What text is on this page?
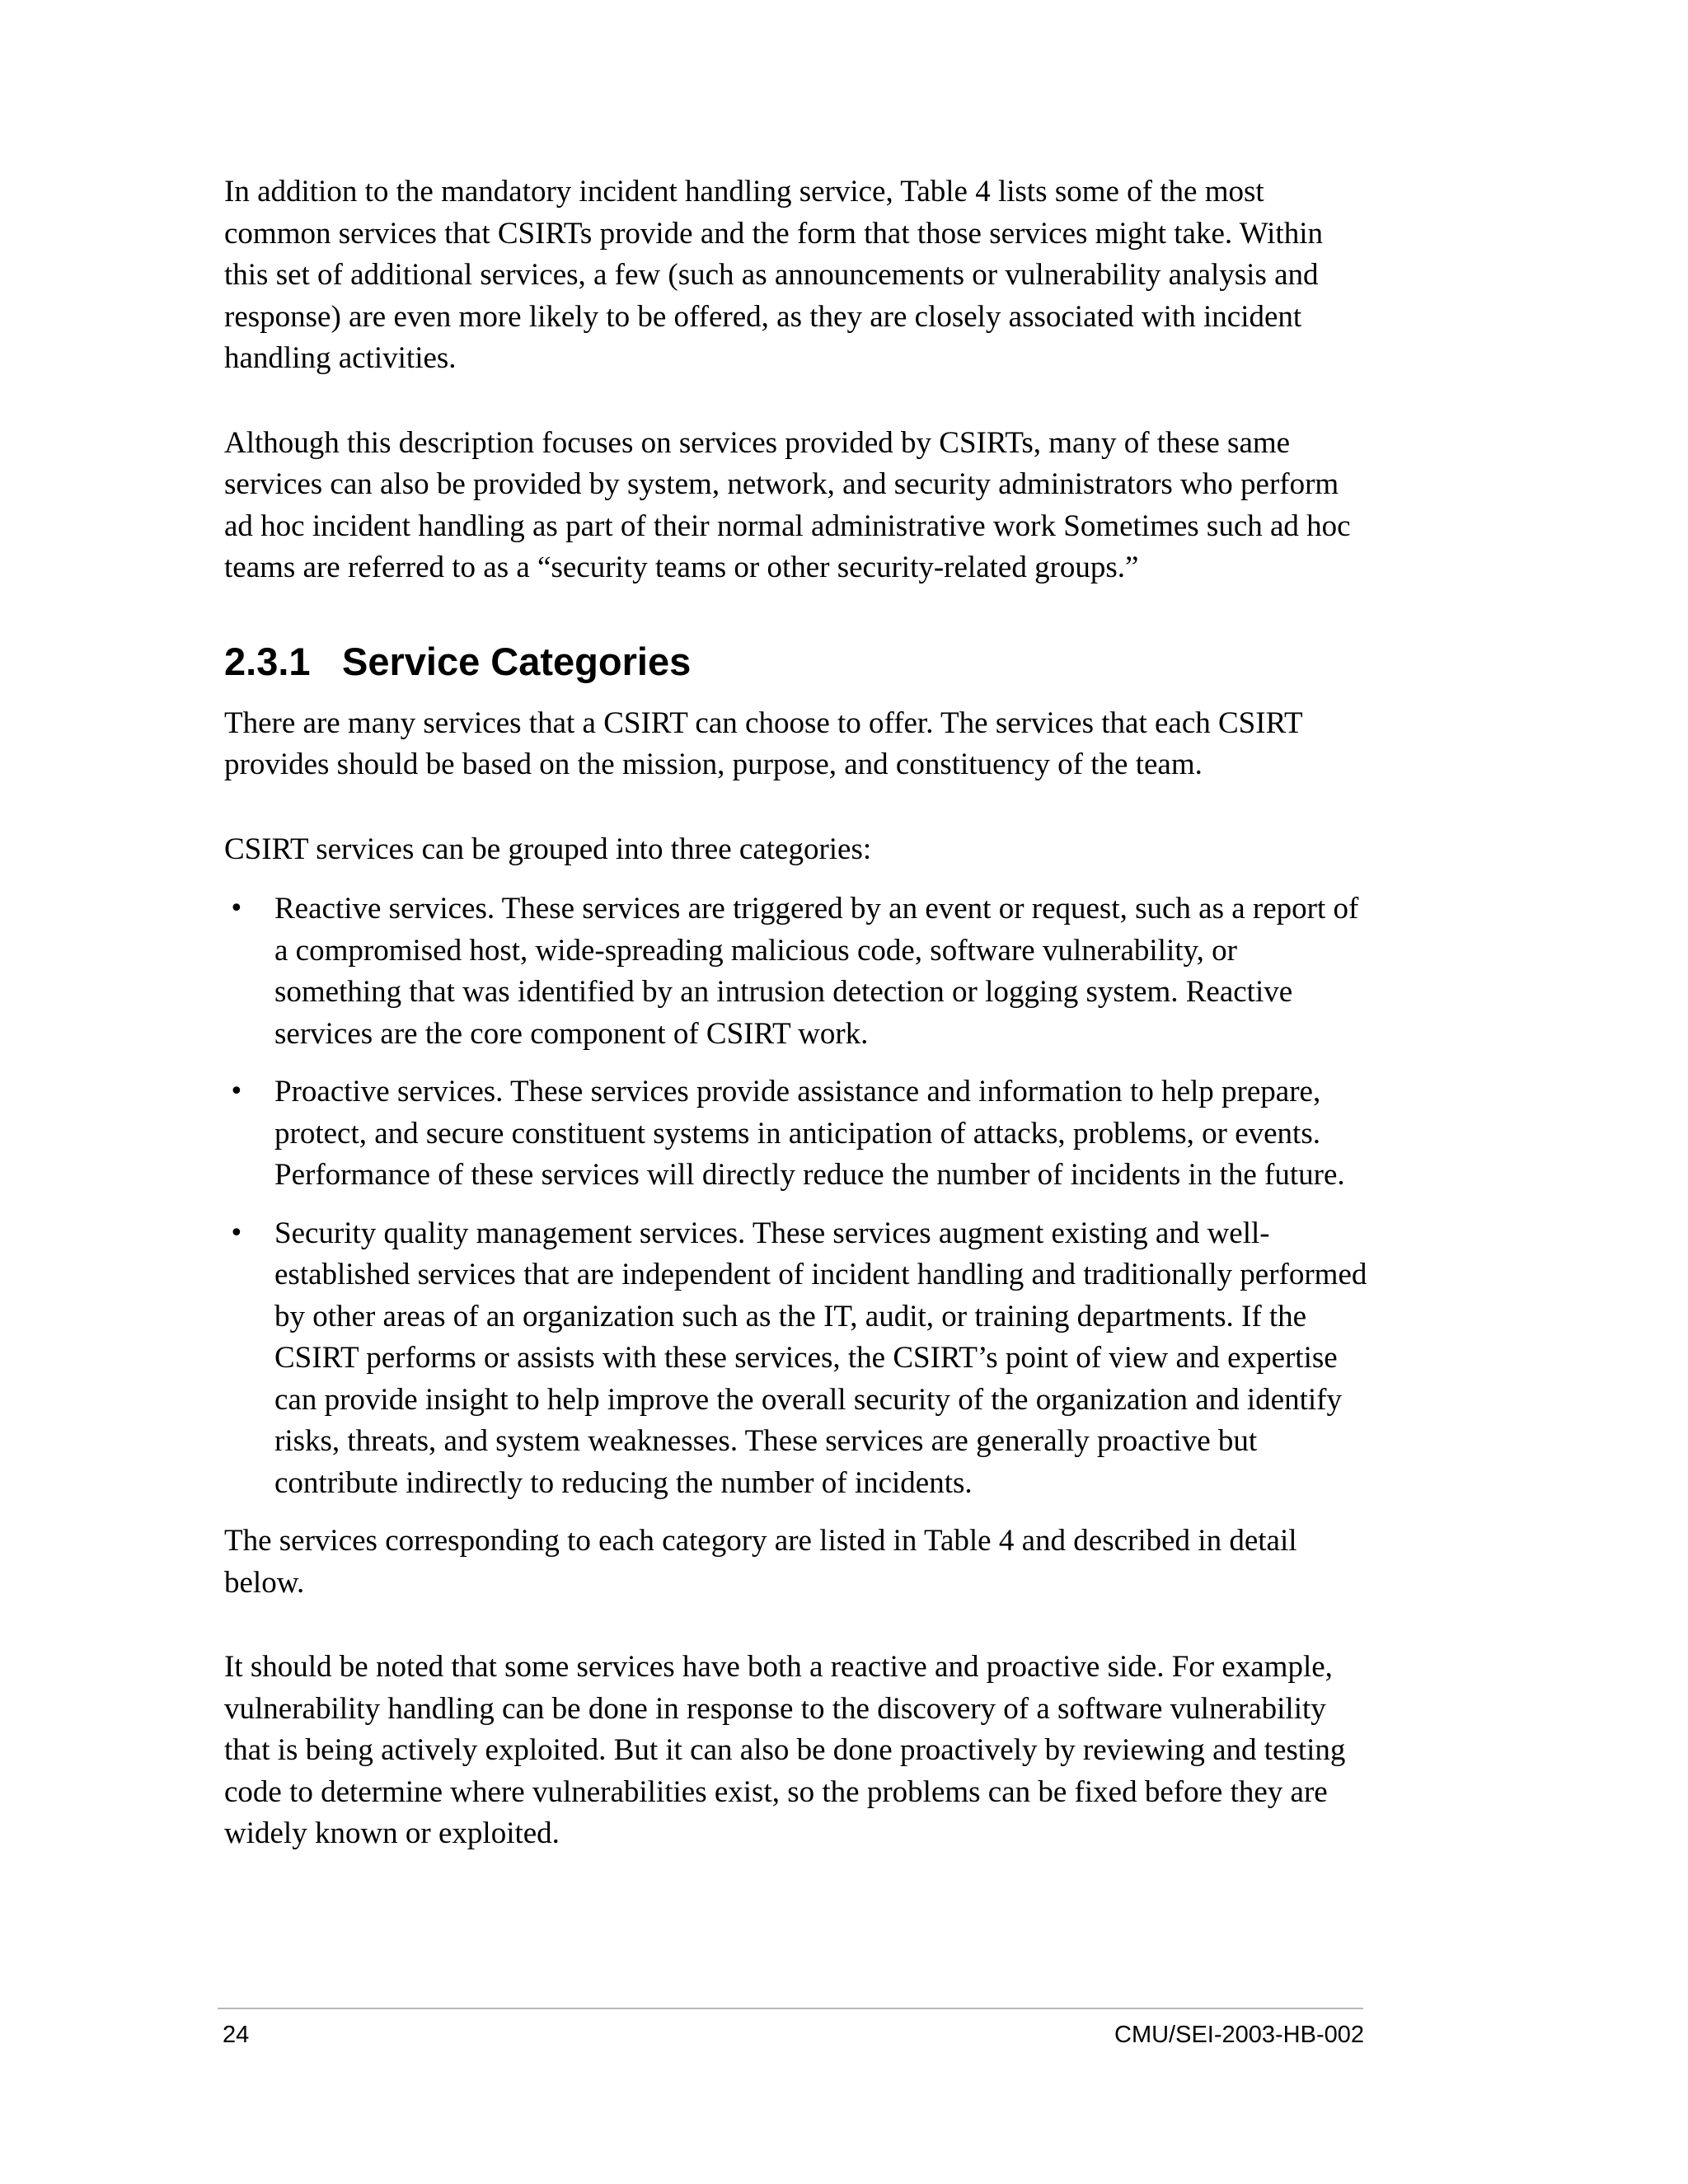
In addition to the mandatory incident handling service, Table 4 lists some of the most common services that CSIRTs provide and the form that those services might take. Within this set of additional services, a few (such as announcements or vulnerability analysis and response) are even more likely to be offered, as they are closely associated with incident handling activities.

Although this description focuses on services provided by CSIRTs, many of these same services can also be provided by system, network, and security administrators who perform ad hoc incident handling as part of their normal administrative work Sometimes such ad hoc teams are referred to as a “security teams or other security-related groups.”

2.3.1 Service Categories

There are many services that a CSIRT can choose to offer. The services that each CSIRT provides should be based on the mission, purpose, and constituency of the team.

CSIRT services can be grouped into three categories:

• Reactive services. These services are triggered by an event or request, such as a report of a compromised host, wide-spreading malicious code, software vulnerability, or something that was identified by an intrusion detection or logging system. Reactive services are the core component of CSIRT work.
• Proactive services. These services provide assistance and information to help prepare, protect, and secure constituent systems in anticipation of attacks, problems, or events. Performance of these services will directly reduce the number of incidents in the future.
• Security quality management services. These services augment existing and well-established services that are independent of incident handling and traditionally performed by other areas of an organization such as the IT, audit, or training departments. If the CSIRT performs or assists with these services, the CSIRT’s point of view and expertise can provide insight to help improve the overall security of the organization and identify risks, threats, and system weaknesses. These services are generally proactive but contribute indirectly to reducing the number of incidents.

The services corresponding to each category are listed in Table 4 and described in detail below.

It should be noted that some services have both a reactive and proactive side. For example, vulnerability handling can be done in response to the discovery of a software vulnerability that is being actively exploited. But it can also be done proactively by reviewing and testing code to determine where vulnerabilities exist, so the problems can be fixed before they are widely known or exploited.

24	CMU/SEI-2003-HB-002
